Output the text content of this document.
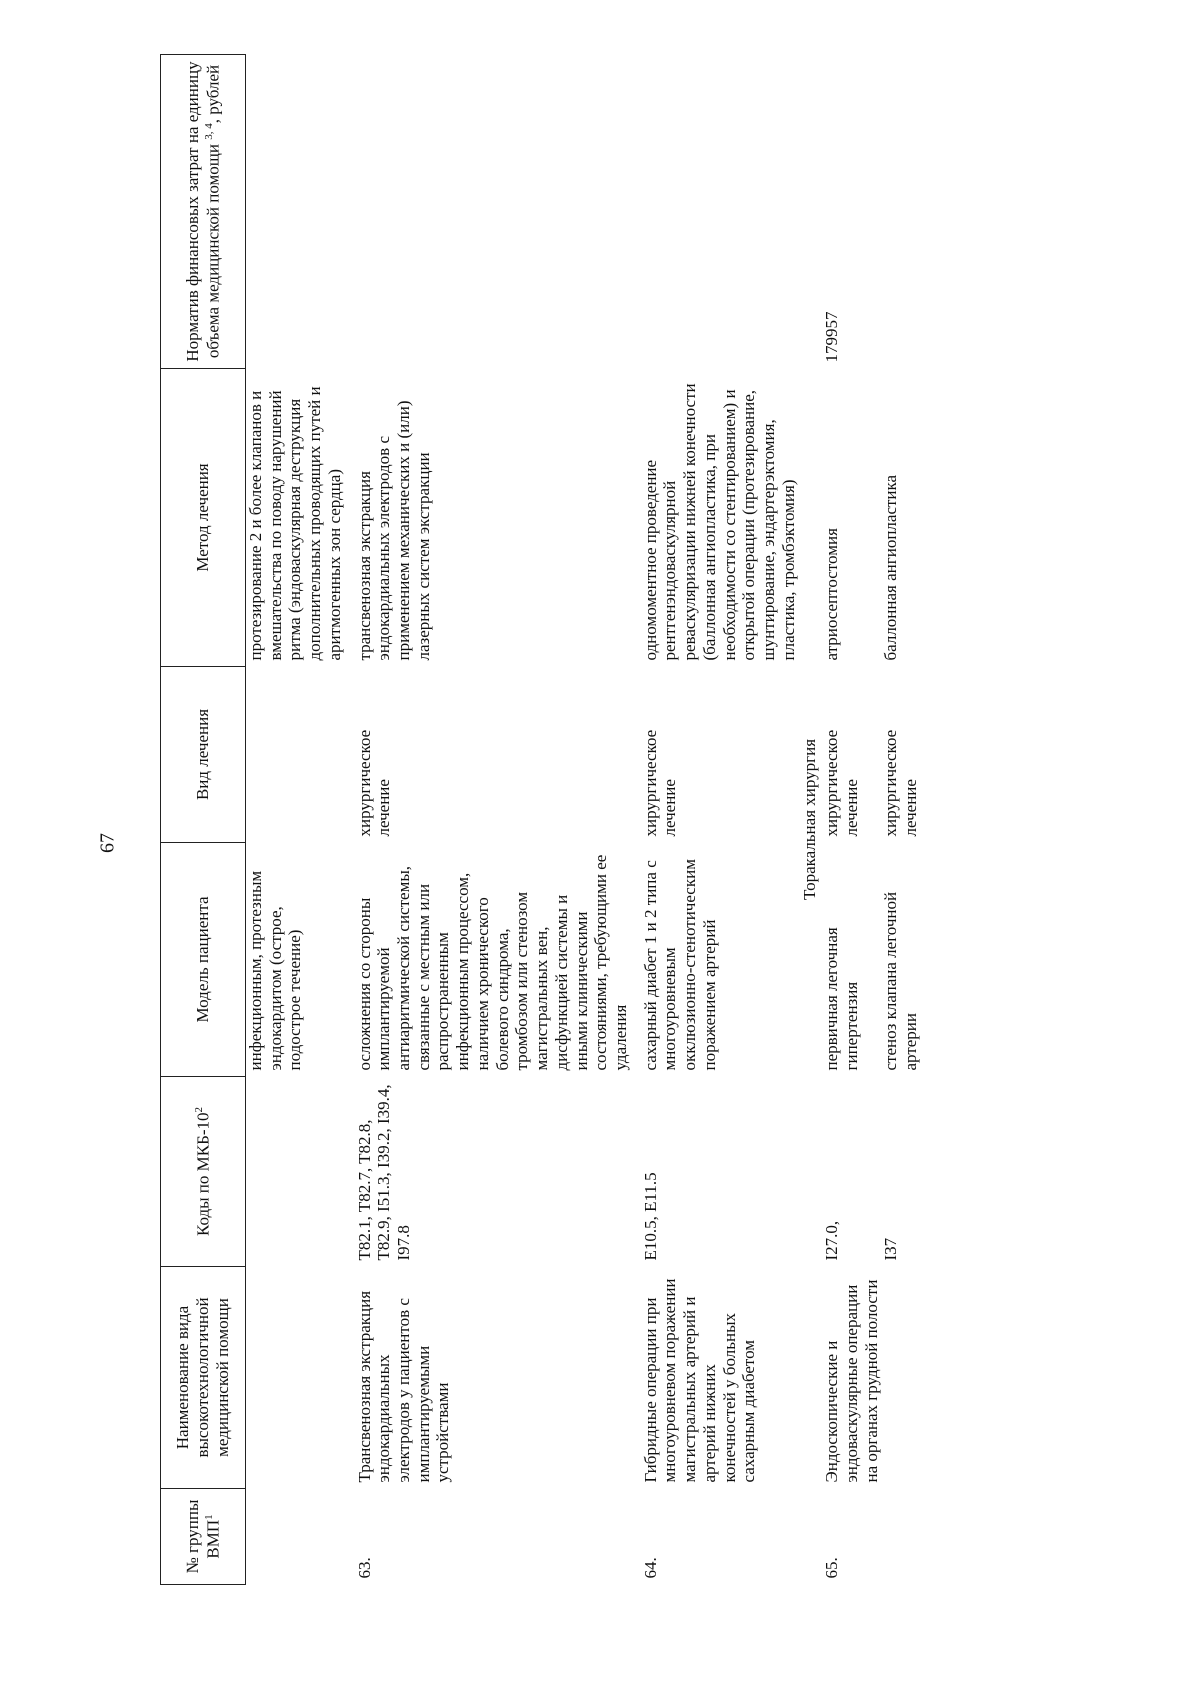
67
№ группы ВМП$^1$	Наименование вида высокотехнологичной медицинской помощи	Коды по МКБ-$10^2$	Модель пациента	Вид лечения	Метод лечения	Норматив финансовых затрат на единицу объема медицинской помощи $^{3, 4}$, рублей
			инфекционным, протезным эндокардитом (острое, подострое течение)		протезирование 2 и более клапанов и вмешательства по поводу нарушений ритма (эндоваскулярная деструкция дополнительных проводящих путей и аритмогенных зон сердца)	
63.	Трансвенозная экстракция эндокардиальных электродов у пациентов с имплантируемыми устройствами	T82.1, T82.7, T82.8, T82.9, I51.3, I39.2, I39.4, I97.8	осложнения со стороны имплантируемой антиаритмической системы, связанные с местным или распространенным инфекционным процессом, наличием хронического болевого синдрома, тромбозом или стенозом магистральных вен, дисфункцией системы и иными клиническими состояниями, требующими ее удаления	хирургическое лечение	трансвенозная экстракция эндокардиальных электродов с применением механических и (или) лазерных систем экстракции	
64.	Гибридные операции при многоуровневом поражении магистральных артерий и артерий нижних конечностей у больных сахарным диабетом	E10.5, E11.5	сахарный диабет 1 и 2 типа с многоуровневым окклюзионно-стенотическим поражением артерий	хирургическое лечение	одномоментное проведение рентгенэндоваскулярной реваскуляризации нижней конечности (баллонная ангиопластика, при необходимости со стентированием) и открытой операции (протезирование, шунтирование, эндартерэктомия, пластика, тромбэктомия)	
Торакальная хирургия						
65.	Эндоскопические и эндоваскулярные операции на органах грудной полости	I27.0,	первичная легочная гипертензия	хирургическое лечение	атриосептостомия	179957
		I37	стеноз клапана легочной артерии	хирургическое лечение	баллонная ангиопластика	
